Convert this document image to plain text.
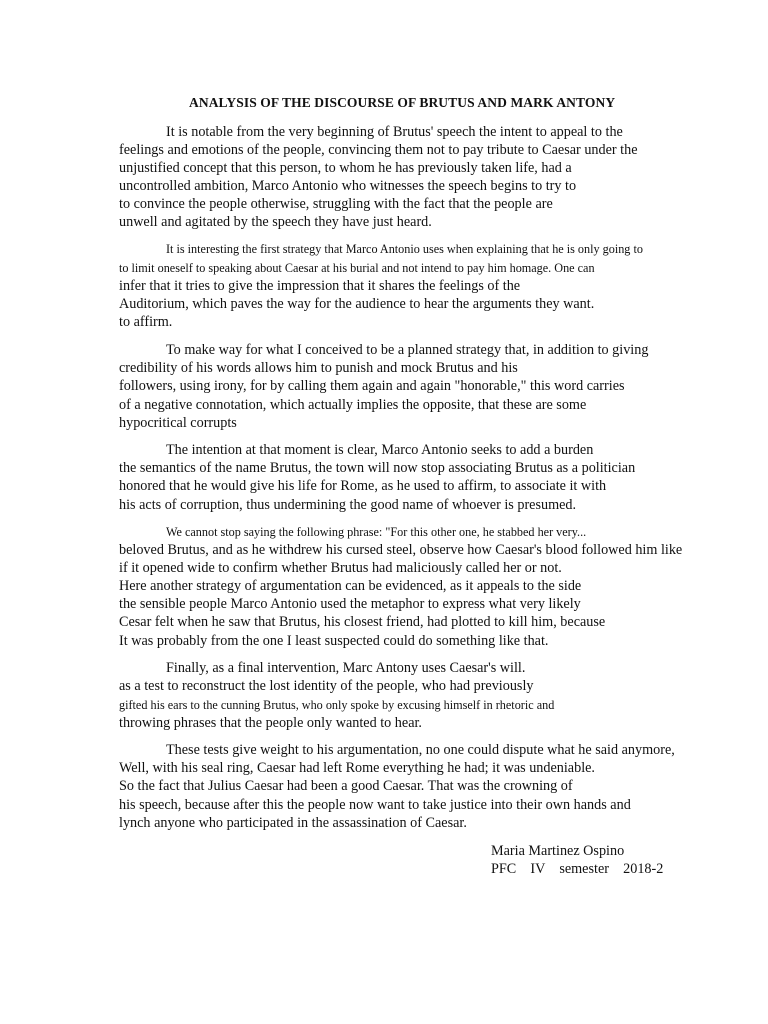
ANALYSIS OF THE DISCOURSE OF BRUTUS AND MARK ANTONY
It is notable from the very beginning of Brutus' speech the intent to appeal to the
feelings and emotions of the people, convincing them not to pay tribute to Caesar under the
unjustified concept that this person, to whom he has previously taken life, had a
uncontrolled ambition, Marco Antonio who witnesses the speech begins to try to
to convince the people otherwise, struggling with the fact that the people are
unwell and agitated by the speech they have just heard.
It is interesting the first strategy that Marco Antonio uses when explaining that he is only going to
to limit oneself to speaking about Caesar at his burial and not intend to pay him homage. One can
infer that it tries to give the impression that it shares the feelings of the
Auditorium, which paves the way for the audience to hear the arguments they want.
to affirm.
To make way for what I conceived to be a planned strategy that, in addition to giving
credibility of his words allows him to punish and mock Brutus and his
followers, using irony, for by calling them again and again "honorable," this word carries
of a negative connotation, which actually implies the opposite, that these are some
hypocritical corrupts
The intention at that moment is clear, Marco Antonio seeks to add a burden
the semantics of the name Brutus, the town will now stop associating Brutus as a politician
honored that he would give his life for Rome, as he used to affirm, to associate it with
his acts of corruption, thus undermining the good name of whoever is presumed.
We cannot stop saying the following phrase: "For this other one, he stabbed her very...
beloved Brutus, and as he withdrew his cursed steel, observe how Caesar's blood followed him like
if it opened wide to confirm whether Brutus had maliciously called her or not.
Here another strategy of argumentation can be evidenced, as it appeals to the side
the sensible people Marco Antonio used the metaphor to express what very likely
Cesar felt when he saw that Brutus, his closest friend, had plotted to kill him, because
It was probably from the one I least suspected could do something like that.
Finally, as a final intervention, Marc Antony uses Caesar's will.
as a test to reconstruct the lost identity of the people, who had previously
gifted his ears to the cunning Brutus, who only spoke by excusing himself in rhetoric and
throwing phrases that the people only wanted to hear.
These tests give weight to his argumentation, no one could dispute what he said anymore,
Well, with his seal ring, Caesar had left Rome everything he had; it was undeniable.
So the fact that Julius Caesar had been a good Caesar. That was the crowning of
his speech, because after this the people now want to take justice into their own hands and
lynch anyone who participated in the assassination of Caesar.
Maria Martinez Ospino
PFC    IV    semester    2018-2
